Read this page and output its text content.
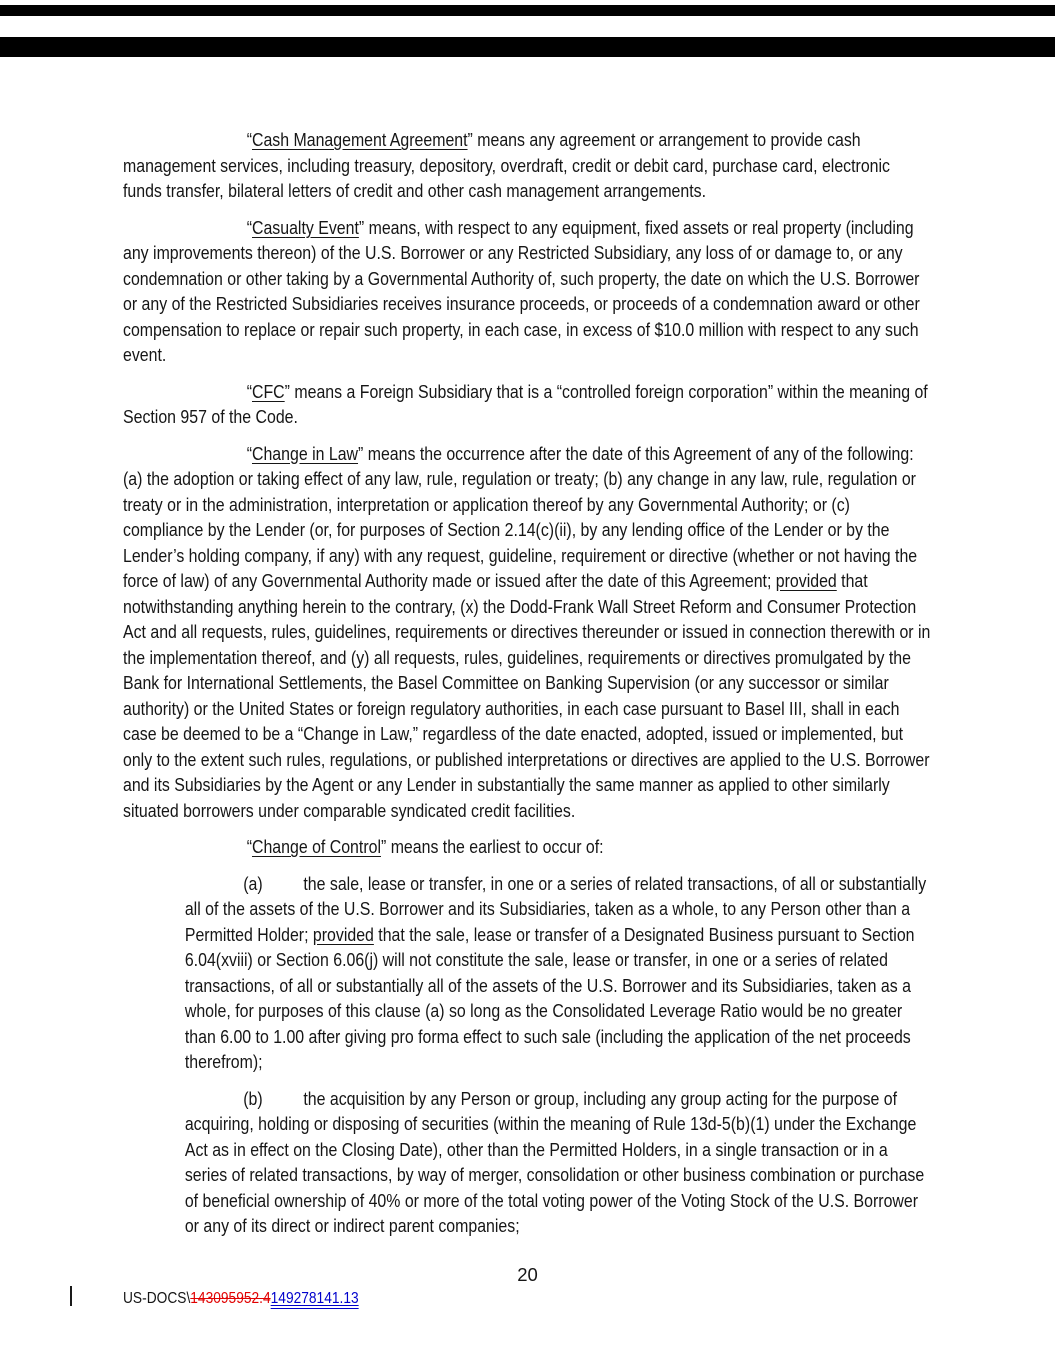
“Cash Management Agreement” means any agreement or arrangement to provide cash management services, including treasury, depository, overdraft, credit or debit card, purchase card, electronic funds transfer, bilateral letters of credit and other cash management arrangements.

“Casualty Event” means, with respect to any equipment, fixed assets or real property (including any improvements thereon) of the U.S. Borrower or any Restricted Subsidiary, any loss of or damage to, or any condemnation or other taking by a Governmental Authority of, such property, the date on which the U.S. Borrower or any of the Restricted Subsidiaries receives insurance proceeds, or proceeds of a condemnation award or other compensation to replace or repair such property, in each case, in excess of $10.0 million with respect to any such event.

“CFC” means a Foreign Subsidiary that is a “controlled foreign corporation” within the meaning of Section 957 of the Code.

“Change in Law” means the occurrence after the date of this Agreement of any of the following:  (a) the adoption or taking effect of any law, rule, regulation or treaty; (b) any change in any law, rule, regulation or treaty or in the administration, interpretation or application thereof by any Governmental Authority; or (c) compliance by the Lender (or, for purposes of Section 2.14(c)(ii), by any lending office of the Lender or by the Lender’s holding company, if any) with any request, guideline, requirement or directive (whether or not having the force of law) of any Governmental Authority made or issued after the date of this Agreement; provided that notwithstanding anything herein to the contrary, (x) the Dodd-Frank Wall Street Reform and Consumer Protection Act and all requests, rules, guidelines, requirements or directives thereunder or issued in connection therewith or in the implementation thereof, and (y) all requests, rules, guidelines, requirements or directives promulgated by the Bank for International Settlements, the Basel Committee on Banking Supervision (or any successor or similar authority) or the United States or foreign regulatory authorities, in each case pursuant to Basel III, shall in each case be deemed to be a “Change in Law,” regardless of the date enacted, adopted, issued or implemented, but only to the extent such rules, regulations, or published interpretations or directives are applied to the U.S. Borrower and its Subsidiaries by the Agent or any Lender in substantially the same manner as applied to other similarly situated borrowers under comparable syndicated credit facilities.

“Change of Control” means the earliest to occur of:

(a) the sale, lease or transfer, in one or a series of related transactions, of all or substantially all of the assets of the U.S. Borrower and its Subsidiaries, taken as a whole, to any Person other than a Permitted Holder; provided that the sale, lease or transfer of a Designated Business pursuant to Section 6.04(xviii) or Section 6.06(j) will not constitute the sale, lease or transfer, in one or a series of related transactions, of all or substantially all of the assets of the U.S. Borrower and its Subsidiaries, taken as a whole, for purposes of this clause (a) so long as the Consolidated Leverage Ratio would be no greater than 6.00 to 1.00 after giving pro forma effect to such sale (including the application of the net proceeds therefrom);

(b) the acquisition by any Person or group, including any group acting for the purpose of acquiring, holding or disposing of securities (within the meaning of Rule 13d-5(b)(1) under the Exchange Act as in effect on the Closing Date), other than the Permitted Holders, in a single transaction or in a series of related transactions, by way of merger, consolidation or other business combination or purchase of beneficial ownership of 40% or more of the total voting power of the Voting Stock of the U.S. Borrower or any of its direct or indirect parent companies;

20
US-DOCS\143095952.4149278141.13
